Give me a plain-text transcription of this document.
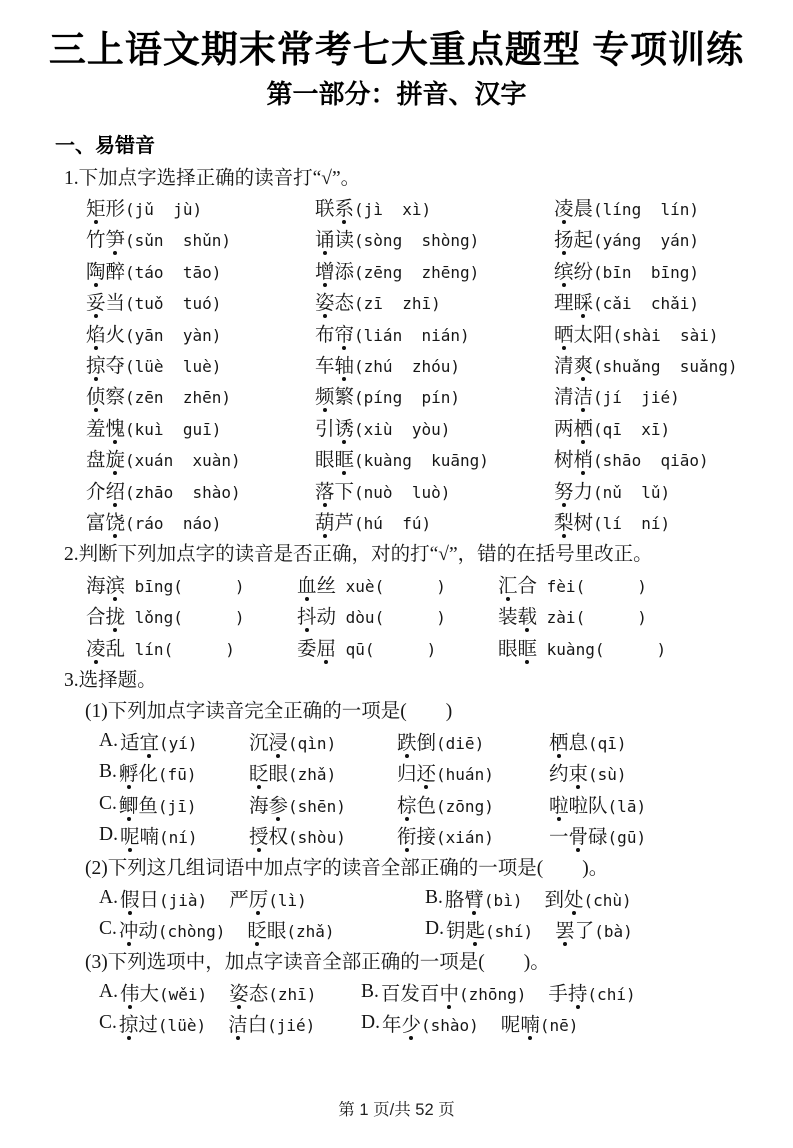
三上语文期末常考七大重点题型 专项训练
第一部分：拼音、汉字
一、易错音
1.下加点字选择正确的读音打“√”。
矩形(jǔ  jù)	联系(jì  xì)	凌晨(líng  lín)
竹笋(sǔn  shǔn)	诵读(sòng  shòng)	扬起(yáng  yán)
陶醉(táo  tāo)	增添(zēng  zhēng)	缤纷(bīn  bīng)
妥当(tuǒ  tuó)	姿态(zī  zhī)	理睬(cǎi  chǎi)
焰火(yān  yàn)	布帘(lián  nián)	晒太阳(shài  sài)
掠夺(lüè  luè)	车轴(zhú  zhóu)	清爽(shuǎng  suǎng)
侦察(zēn  zhēn)	频繁(píng  pín)	清洁(jí  jié)
羞愧(kuì  guī)	引诱(xiù  yòu)	两栖(qī  xī)
盘旋(xuán  xuàn)	眼眶(kuàng  kuāng)	树梢(shāo  qiāo)
介绍(zhāo  shào)	落下(nuò  luò)	努力(nǔ  lǔ)
富饶(ráo  náo)	葫芦(hú  fú)	梨树(lí  ní)
2.判断下列加点字的读音是否正确，对的打“√”，错的在括号里改正。
海滨 bīng(	)	血丝 xuè(	)	汇合 fèi(	)
合拢 lǒng(	)	抖动 dòu(	)	装载 zài(	)
凌乱 lín(	)	委屈 qū(	)	眼眶 kuàng(	)
3.选择题。
(1)下列加点字读音完全正确的一项是(　　)
A. 适宜(yí)	沉浸(qìn)	跌倒(diē)	栖息(qī)
B. 孵化(fū)	眨眼(zhǎ)	归还(huán)	约束(sù)
C. 鲫鱼(jī)	海参(shēn)	棕色(zōng)	啦啦队(lā)
D. 呢喃(ní)	授权(shòu)	衔接(xián)	一骨碌(gū)
(2)下列这几组词语中加点字的读音全部正确的一项是(　　)。
A. 假日(jià) 严厉(lì)	B. 胳臂(bì) 到处(chù)
C. 冲动(chòng) 眨眼(zhǎ)	D. 钥匙(shí) 罢了(bà)
(3)下列选项中，加点字读音全部正确的一项是(　　)。
A. 伟大(wěi) 姿态(zhī) B. 百发百中(zhōng) 手持(chí)
C. 掠过(lüè) 洁白(jié) D. 年少(shào) 呢喃(nē)
第 1 页/共 52 页
